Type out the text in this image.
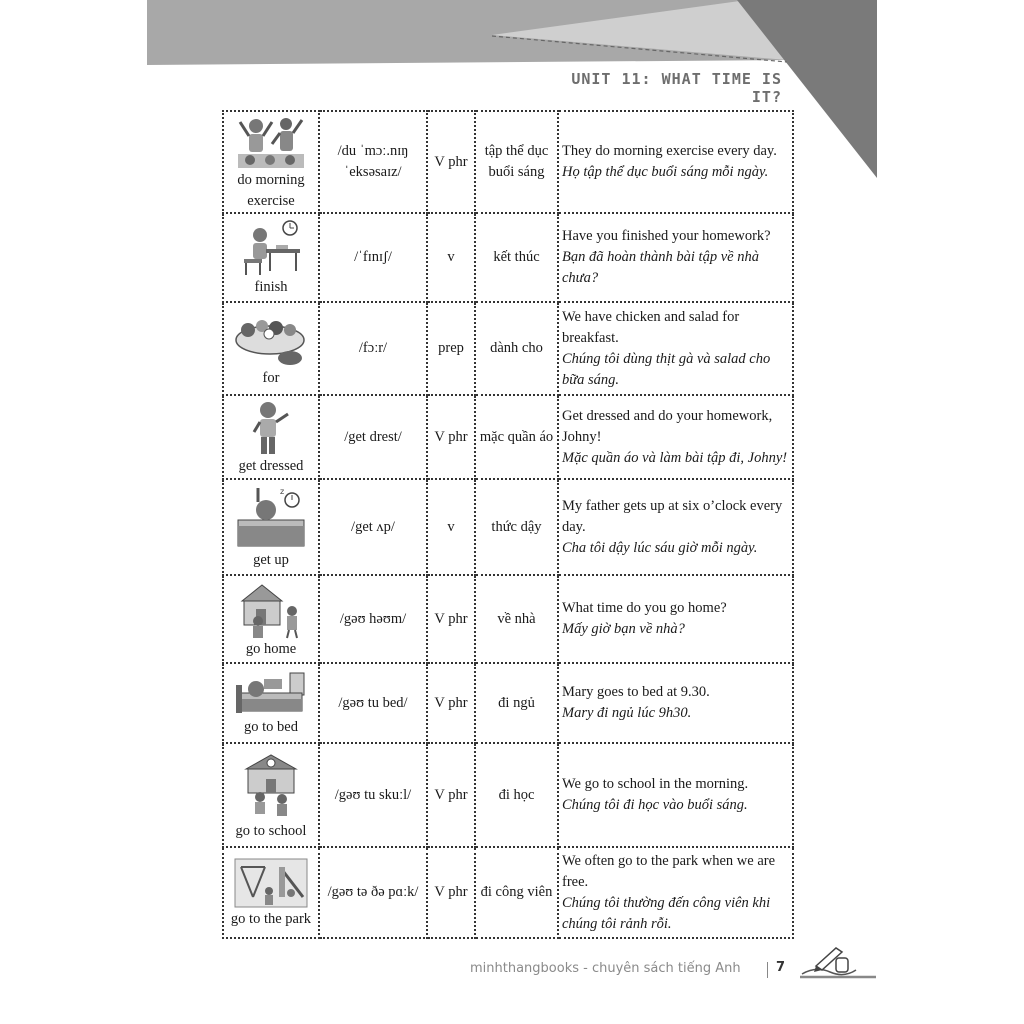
UNIT 11: WHAT TIME IS IT?
do morning exercise	/du ˈmɔː.nɪŋ ˈeksəsaɪz/	V phr	tập thể dục buổi sáng	They do morning exercise every day.
Họ tập thể dục buổi sáng mỗi ngày.

finish	/ˈfɪnɪʃ/	v	kết thúc	Have you finished your homework?
Bạn đã hoàn thành bài tập về nhà chưa?

for	/fɔːr/	prep	dành cho	We have chicken and salad for breakfast.
Chúng tôi dùng thịt gà và salad cho bữa sáng.

get dressed	/get drest/	V phr	mặc quần áo	Get dressed and do your homework, Johny!
Mặc quần áo và làm bài tập đi, Johny!

z
get up	/get ʌp/	v	thức dậy	My father gets up at six o’clock every day.
Cha tôi dậy lúc sáu giờ mỗi ngày.

go home	/gəʊ həʊm/	V phr	về nhà	What time do you go home?
Mấy giờ bạn về nhà?

go to bed	/gəʊ tu bed/	V phr	đi ngủ	Mary goes to bed at 9.30.
Mary đi ngủ lúc 9h30.

go to school	/gəʊ tu skuːl/	V phr	đi học	We go to school in the morning.
Chúng tôi đi học vào buổi sáng.

go to the park	/gəʊ tə ðə pɑːk/	V phr	đi công viên	We often go to the park when we are free.
Chúng tôi thường đến công viên khi chúng tôi rảnh rỗi.
minhthangbooks - chuyên sách tiếng Anh	7
